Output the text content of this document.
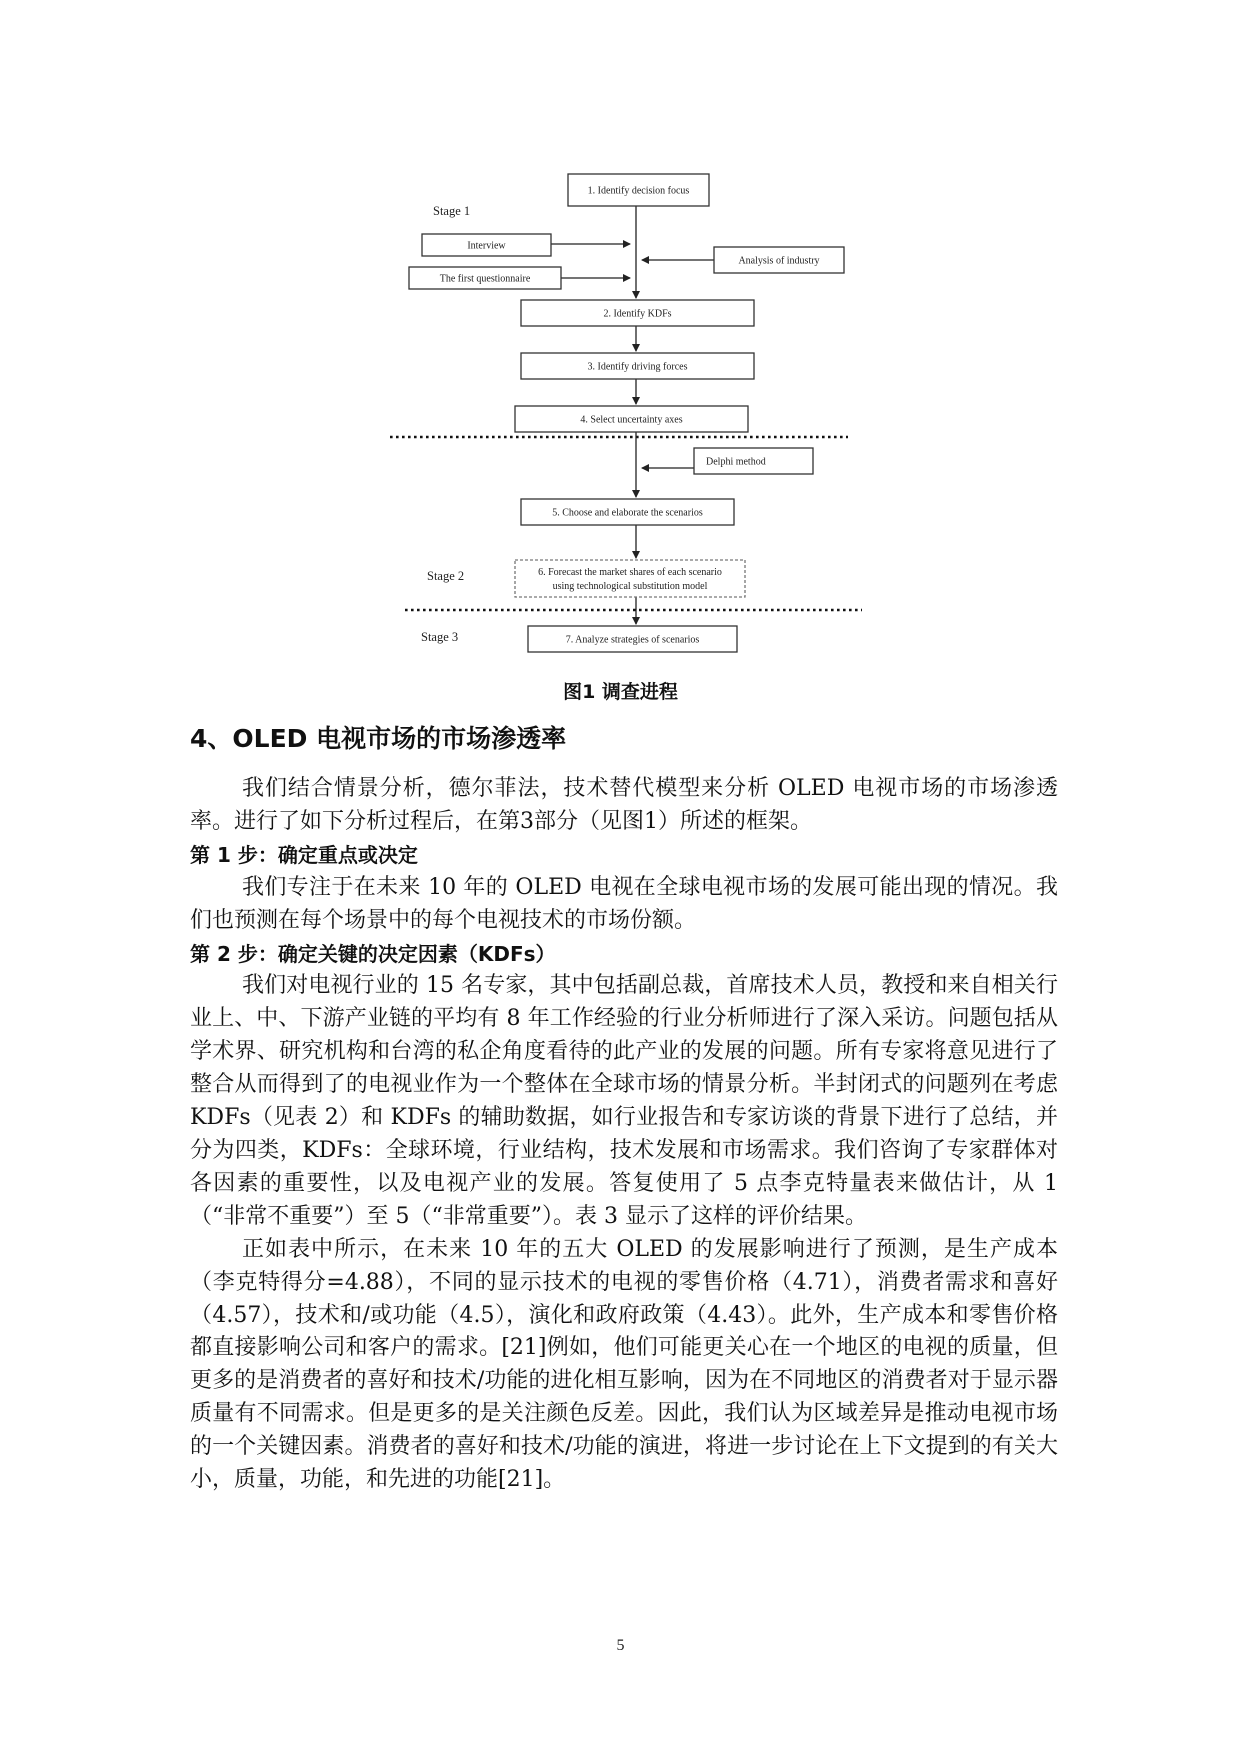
Stage 1
Stage 2
Stage 3
1. Identify decision focus
Interview
The first questionnaire
Analysis of industry
2. Identify KDFs
3. Identify driving forces
4. Select uncertainty axes
Delphi method
5. Choose and elaborate the scenarios
6. Forecast the market shares of each scenario
using technological substitution model
7. Analyze strategies of scenarios
图1 调查进程
4、OLED 电视市场的市场渗透率

我们结合情景分析，德尔菲法，技术替代模型来分析 OLED 电视市场的市场渗透率。进行了如下分析过程后，在第3部分（见图1）所述的框架。

第 1 步：确定重点或决定

我们专注于在未来 10 年的 OLED 电视在全球电视市场的发展可能出现的情况。我们也预测在每个场景中的每个电视技术的市场份额。

第 2 步：确定关键的决定因素（KDFs）

我们对电视行业的 15 名专家，其中包括副总裁，首席技术人员，教授和来自相关行业上、中、下游产业链的平均有 8 年工作经验的行业分析师进行了深入采访。问题包括从学术界、研究机构和台湾的私企角度看待的此产业的发展的问题。所有专家将意见进行了整合从而得到了的电视业作为一个整体在全球市场的情景分析。半封闭式的问题列在考虑 KDFs（见表 2）和 KDFs 的辅助数据，如行业报告和专家访谈的背景下进行了总结，并分为四类，KDFs：全球环境，行业结构，技术发展和市场需求。我们咨询了专家群体对各因素的重要性，以及电视产业的发展。答复使用了 5 点李克特量表来做估计，从 1（“非常不重要”）至 5（“非常重要”）。表 3 显示了这样的评价结果。

正如表中所示，在未来 10 年的五大 OLED 的发展影响进行了预测，是生产成本（李克特得分=4.88），不同的显示技术的电视的零售价格（4.71），消费者需求和喜好（4.57），技术和/或功能（4.5），演化和政府政策（4.43）。此外，生产成本和零售价格都直接影响公司和客户的需求。[21]例如，他们可能更关心在一个地区的电视的质量，但更多的是消费者的喜好和技术/功能的进化相互影响，因为在不同地区的消费者对于显示器质量有不同需求。但是更多的是关注颜色反差。因此，我们认为区域差异是推动电视市场的一个关键因素。消费者的喜好和技术/功能的演进，将进一步讨论在上下文提到的有关大小，质量，功能，和先进的功能[21]。

5
